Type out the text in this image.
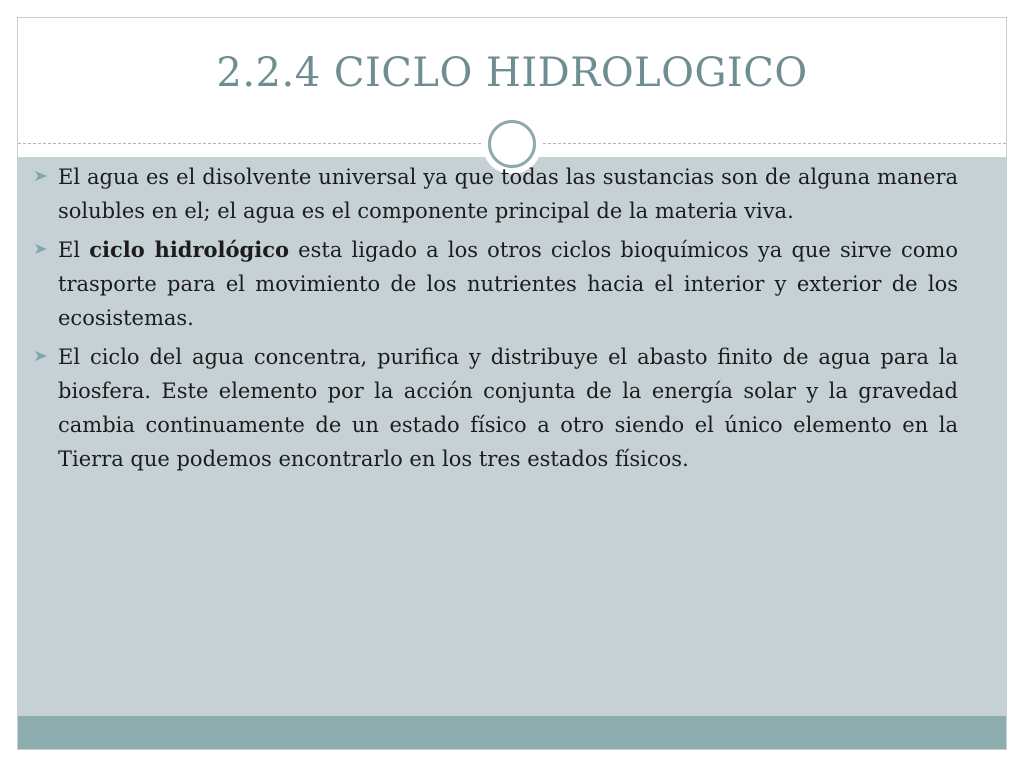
2.2.4 CICLO HIDROLOGICO
El agua es el disolvente universal ya que todas las sustancias son de alguna manera solubles en el; el agua es el componente principal de la materia viva.
El ciclo hidrológico esta ligado a los otros ciclos bioquímicos ya que sirve como trasporte para el movimiento de los nutrientes hacia el interior y exterior de los ecosistemas.
El ciclo del agua concentra, purifica y distribuye el abasto finito de agua para la biosfera. Este elemento por la acción conjunta de la energía solar y la gravedad cambia continuamente de un estado físico a otro siendo el único elemento en la Tierra que podemos encontrarlo en los tres estados físicos.
